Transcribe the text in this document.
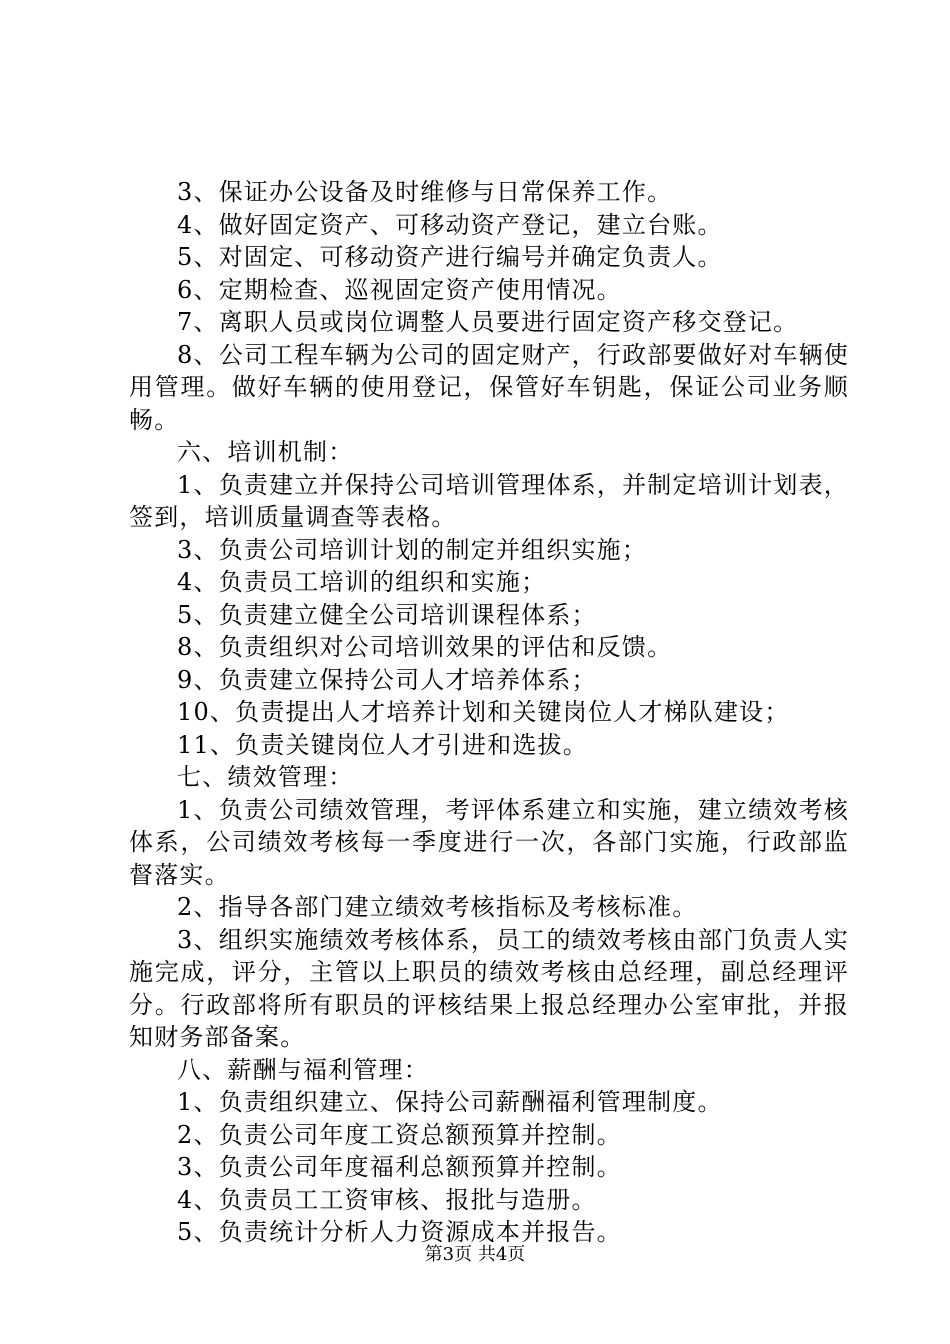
3、保证办公设备及时维修与日常保养工作。

4、做好固定资产、可移动资产登记，建立台账。

5、对固定、可移动资产进行编号并确定负责人。

6、定期检查、巡视固定资产使用情况。

7、离职人员或岗位调整人员要进行固定资产移交登记。

8、公司工程车辆为公司的固定财产，行政部要做好对车辆使用管理。做好车辆的使用登记，保管好车钥匙，保证公司业务顺畅。

六、培训机制：

1、负责建立并保持公司培训管理体系，并制定培训计划表，签到，培训质量调查等表格。

3、负责公司培训计划的制定并组织实施；

4、负责员工培训的组织和实施；

5、负责建立健全公司培训课程体系；

8、负责组织对公司培训效果的评估和反馈。

9、负责建立保持公司人才培养体系；

10、负责提出人才培养计划和关键岗位人才梯队建设；

11、负责关键岗位人才引进和选拔。

七、绩效管理：

1、负责公司绩效管理，考评体系建立和实施，建立绩效考核体系，公司绩效考核每一季度进行一次，各部门实施，行政部监督落实。

2、指导各部门建立绩效考核指标及考核标准。

3、组织实施绩效考核体系，员工的绩效考核由部门负责人实施完成，评分，主管以上职员的绩效考核由总经理，副总经理评分。行政部将所有职员的评核结果上报总经理办公室审批，并报知财务部备案。

八、薪酬与福利管理：

1、负责组织建立、保持公司薪酬福利管理制度。

2、负责公司年度工资总额预算并控制。

3、负责公司年度福利总额预算并控制。

4、负责员工工资审核、报批与造册。

5、负责统计分析人力资源成本并报告。

第3页 共4页
